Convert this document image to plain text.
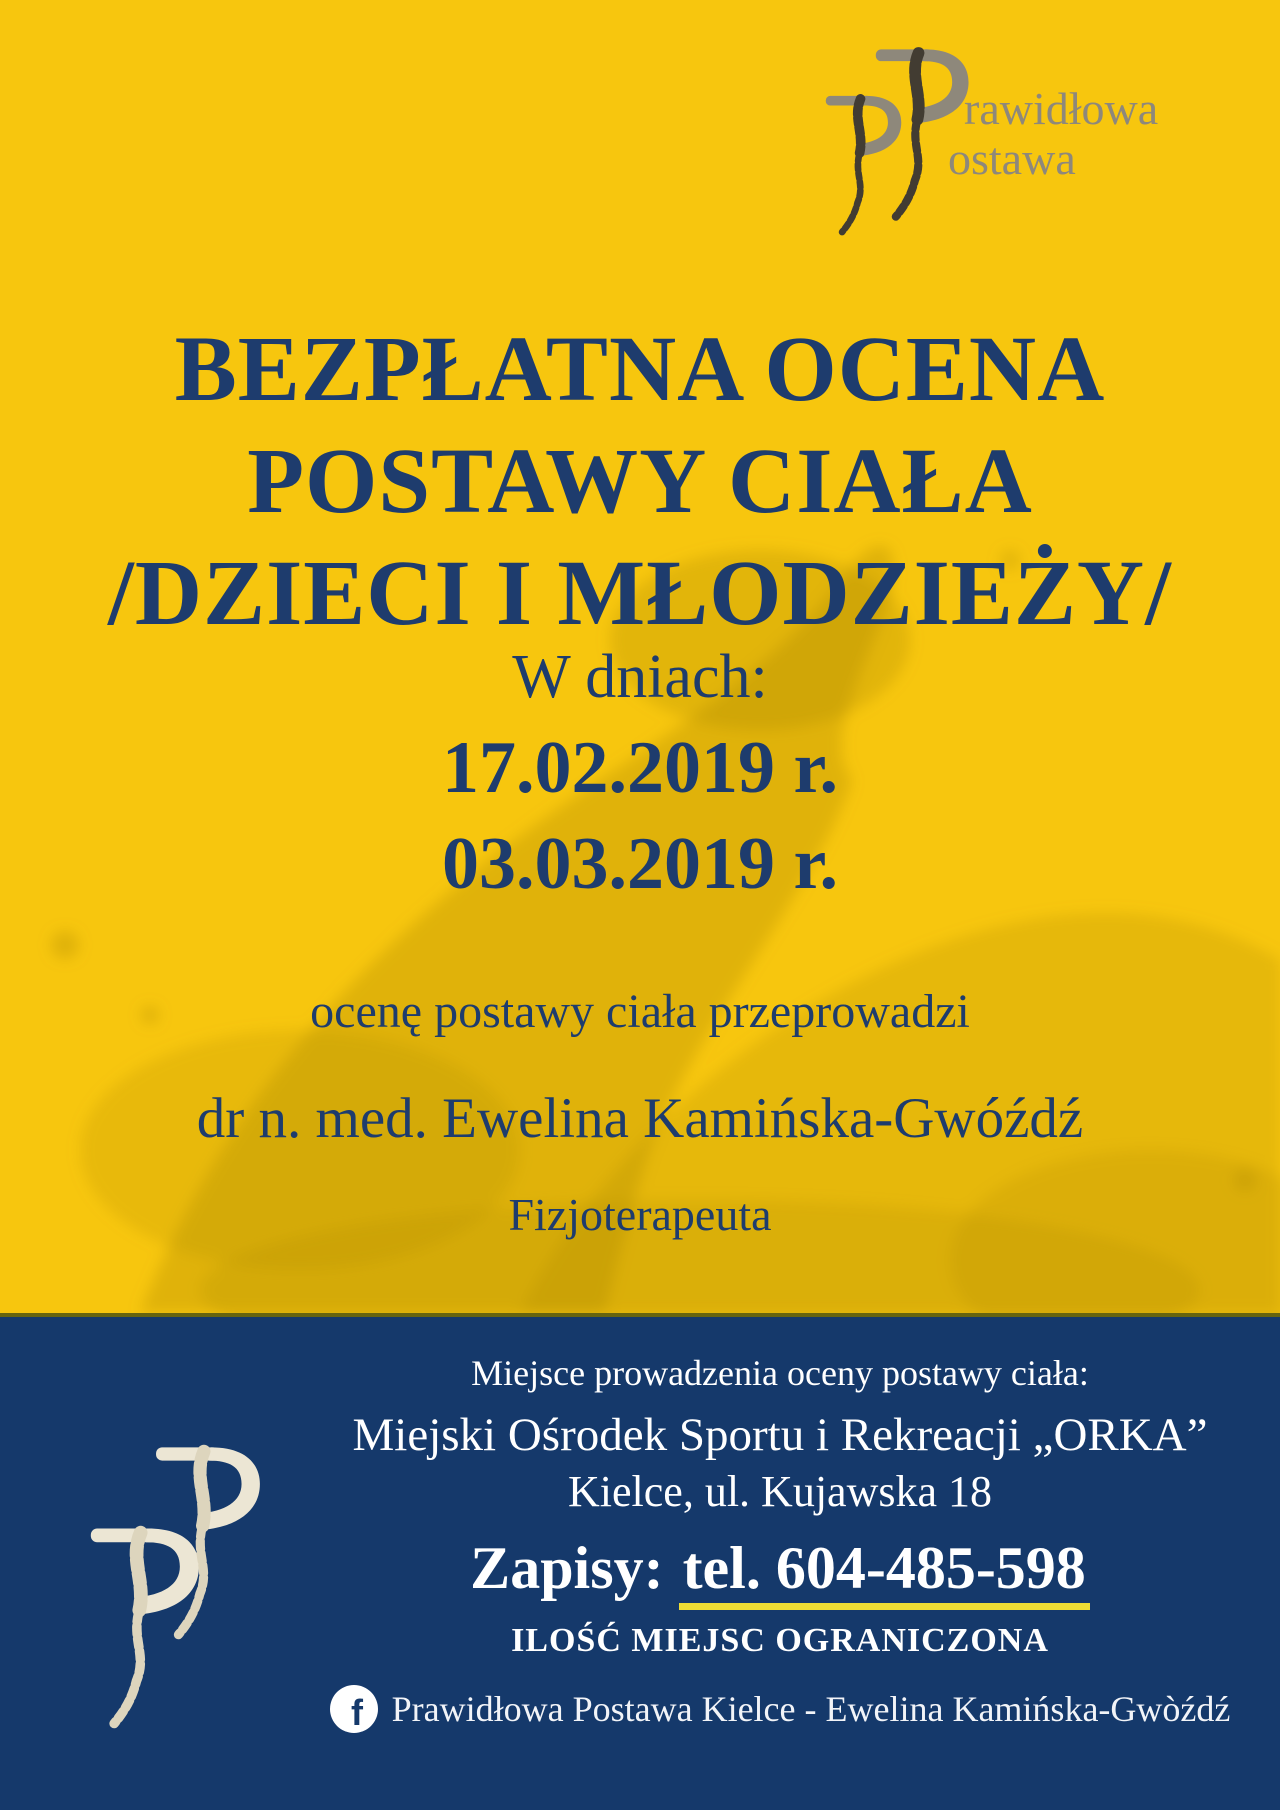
rawidłowa
ostawa
BEZPŁATNA OCENA
POSTAWY CIAŁA
/DZIECI I MŁODZIEŻY/
W dniach:
17.02.2019 r.
03.03.2019 r.
ocenę postawy ciała przeprowadzi
dr n. med. Ewelina Kamińska-Gwóźdź
Fizjoterapeuta
Miejsce prowadzenia oceny postawy ciała:
Miejski Ośrodek Sportu i Rekreacji „ORKA”
Kielce, ul. Kujawska 18
Zapisy: tel. 604-485-598
ILOŚĆ MIEJSC OGRANICZONA
f Prawidłowa Postawa Kielce - Ewelina Kamińska-Gwòźdź
